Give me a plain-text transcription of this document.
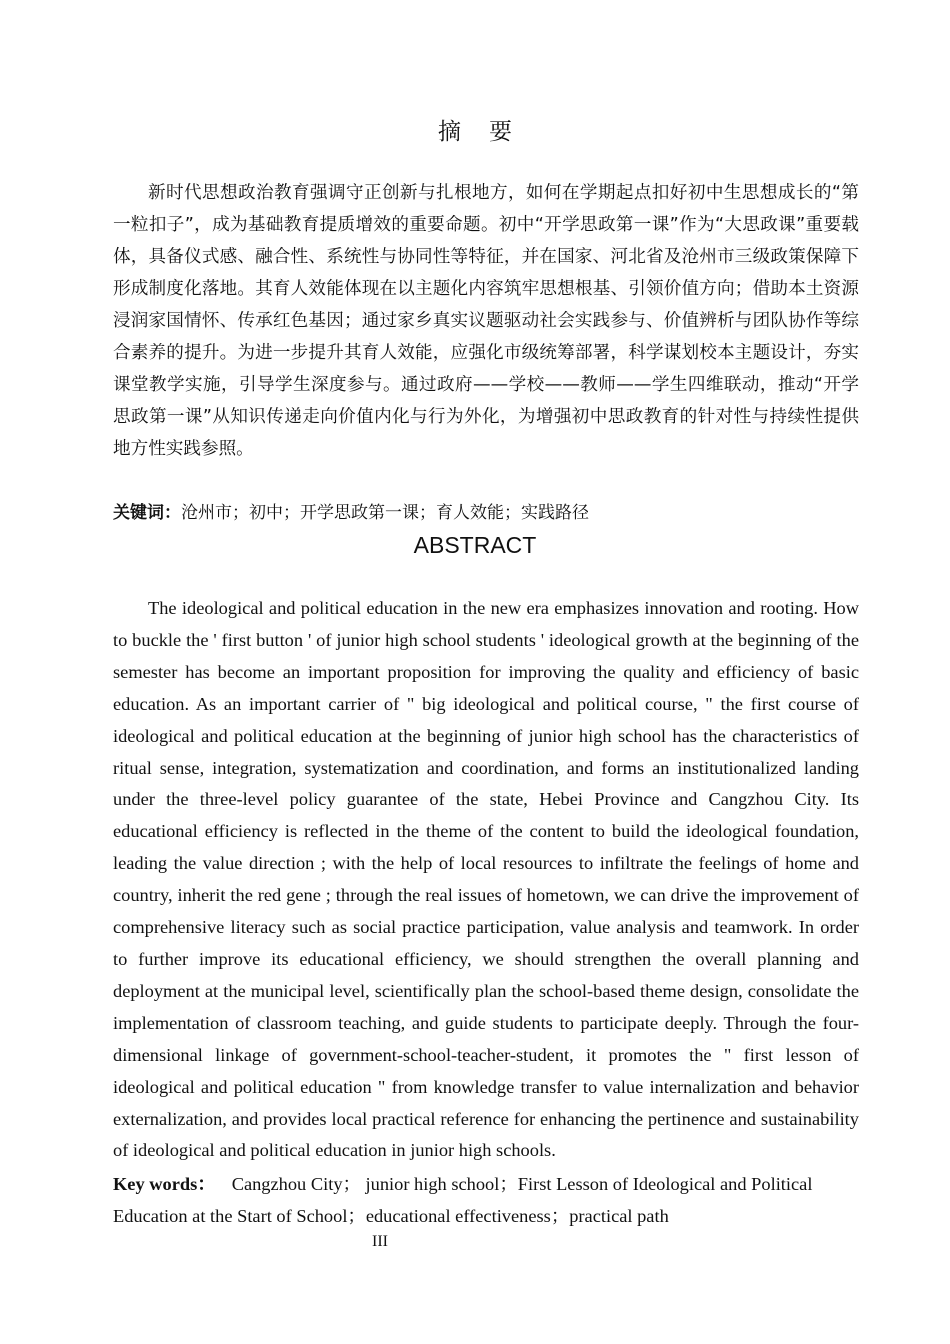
摘要

新时代思想政治教育强调守正创新与扎根地方，如何在学期起点扣好初中生思想成长的“第一粒扣子”，成为基础教育提质增效的重要命题。初中“开学思政第一课”作为“大思政课”重要载体，具备仪式感、融合性、系统性与协同性等特征，并在国家、河北省及沧州市三级政策保障下形成制度化落地。其育人效能体现在以主题化内容筑牢思想根基、引领价值方向；借助本土资源浸润家国情怀、传承红色基因；通过家乡真实议题驱动社会实践参与、价值辨析与团队协作等综合素养的提升。为进一步提升其育人效能，应强化市级统筹部署，科学谋划校本主题设计，夯实课堂教学实施，引导学生深度参与。通过政府——学校——教师——学生四维联动，推动“开学思政第一课”从知识传递走向价值内化与行为外化，为增强初中思政教育的针对性与持续性提供地方性实践参照。

关键词：沧州市；初中；开学思政第一课；育人效能；实践路径
ABSTRACT

The ideological and political education in the new era emphasizes innovation and rooting. How to buckle the ' first button ' of junior high school students ' ideological growth at the beginning of the semester has become an important proposition for improving the quality and efficiency of basic education. As an important carrier of " big ideological and political course, " the first course of ideological and political education at the beginning of junior high school has the characteristics of ritual sense, integration, systematization and coordination, and forms an institutionalized landing under the three-level policy guarantee of the state, Hebei Province and Cangzhou City. Its educational efficiency is reflected in the theme of the content to build the ideological foundation, leading the value direction ; with the help of local resources to infiltrate the feelings of home and country, inherit the red gene ; through the real issues of hometown, we can drive the improvement of comprehensive literacy such as social practice participation, value analysis and teamwork. In order to further improve its educational efficiency, we should strengthen the overall planning and deployment at the municipal level, scientifically plan the school-based theme design, consolidate the implementation of classroom teaching, and guide students to participate deeply. Through the four-dimensional linkage of government-school-teacher-student, it promotes the " first lesson of ideological and political education " from knowledge transfer to value internalization and behavior externalization, and provides local practical reference for enhancing the pertinence and sustainability of ideological and political education in junior high schools.

Key words： Cangzhou City； junior high school；First Lesson of Ideological and Political Education at the Start of School；educational effectiveness；practical path
III
